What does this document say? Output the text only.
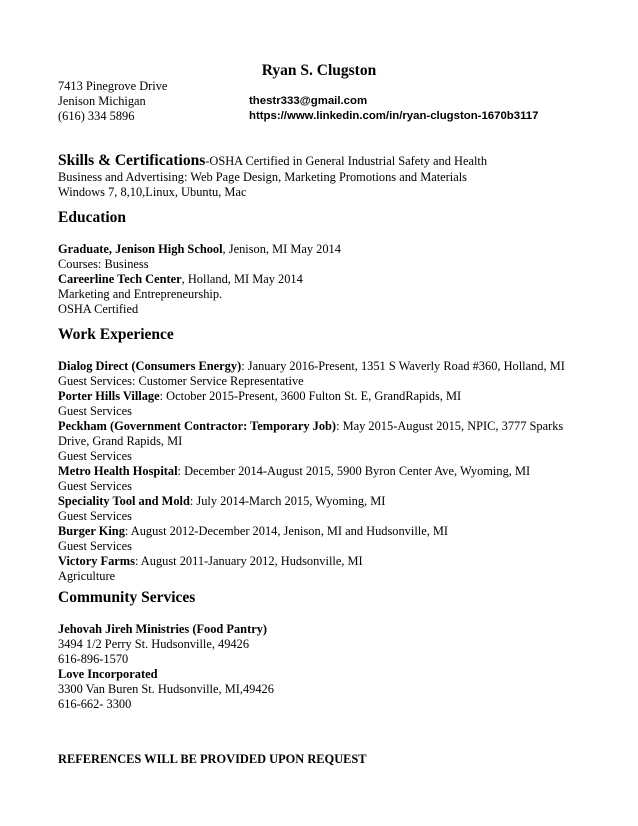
Ryan S. Clugston
7413 Pinegrove Drive
Jenison Michigan	thestr333@gmail.com
(616) 334 5896	https://www.linkedin.com/in/ryan-clugston-1670b3117
Skills & Certifications-OSHA Certified in General Industrial Safety and Health
Business and Advertising: Web Page Design, Marketing Promotions and Materials
Windows 7, 8,10,Linux, Ubuntu, Mac
Education
Graduate, Jenison High School, Jenison, MI May 2014
Courses: Business
Careerline Tech Center, Holland, MI May 2014
Marketing and Entrepreneurship.
OSHA Certified
Work Experience
Dialog Direct (Consumers Energy): January 2016-Present, 1351 S Waverly Road #360, Holland, MI
Guest Services: Customer Service Representative
Porter Hills Village: October 2015-Present, 3600 Fulton St. E, GrandRapids, MI
Guest Services
Peckham (Government Contractor: Temporary Job): May 2015-August 2015, NPIC, 3777 Sparks Drive, Grand Rapids, MI
Guest Services
Metro Health Hospital: December 2014-August 2015, 5900 Byron Center Ave, Wyoming, MI
Guest Services
Speciality Tool and Mold: July 2014-March 2015, Wyoming, MI
Guest Services
Burger King: August 2012-December 2014, Jenison, MI and Hudsonville, MI
Guest Services
Victory Farms: August 2011-January 2012, Hudsonville, MI
Agriculture
Community Services
Jehovah Jireh Ministries (Food Pantry)
3494 1/2 Perry St. Hudsonville, 49426
616-896-1570
Love Incorporated
3300 Van Buren St. Hudsonville, MI,49426
616-662- 3300
REFERENCES WILL BE PROVIDED UPON REQUEST
